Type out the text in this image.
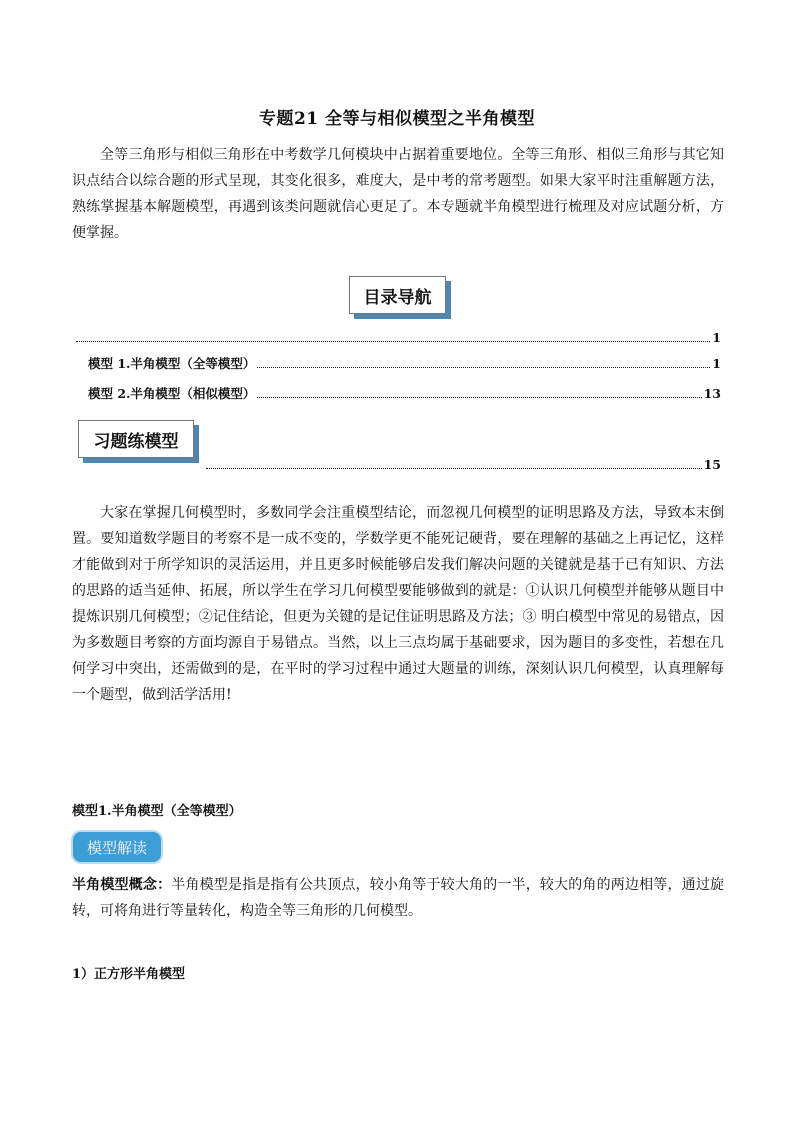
专题21 全等与相似模型之半角模型

全等三角形与相似三角形在中考数学几何模块中占据着重要地位。全等三角形、相似三角形与其它知识点结合以综合题的形式呈现，其变化很多，难度大，是中考的常考题型。如果大家平时注重解题方法，熟练掌握基本解题模型，再遇到该类问题就信心更足了。本专题就半角模型进行梳理及对应试题分析，方便掌握。

目录导航
1
模型 1.半角模型（全等模型）	1
模型 2.半角模型（相似模型）	13
习题练模型
15

大家在掌握几何模型时，多数同学会注重模型结论，而忽视几何模型的证明思路及方法，导致本末倒置。要知道数学题目的考察不是一成不变的，学数学更不能死记硬背，要在理解的基础之上再记忆，这样才能做到对于所学知识的灵活运用，并且更多时候能够启发我们解决问题的关键就是基于已有知识、方法的思路的适当延伸、拓展，所以学生在学习几何模型要能够做到的就是：①认识几何模型并能够从题目中提炼识别几何模型；②记住结论，但更为关键的是记住证明思路及方法；③ 明白模型中常见的易错点，因为多数题目考察的方面均源自于易错点。当然，以上三点均属于基础要求，因为题目的多变性，若想在几何学习中突出，还需做到的是，在平时的学习过程中通过大题量的训练，深刻认识几何模型，认真理解每一个题型，做到活学活用!

模型1.半角模型（全等模型）
模型解读

半角模型概念：半角模型是指是指有公共顶点，较小角等于较大角的一半，较大的角的两边相等，通过旋转，可将角进行等量转化，构造全等三角形的几何模型。

1）正方形半角模型
